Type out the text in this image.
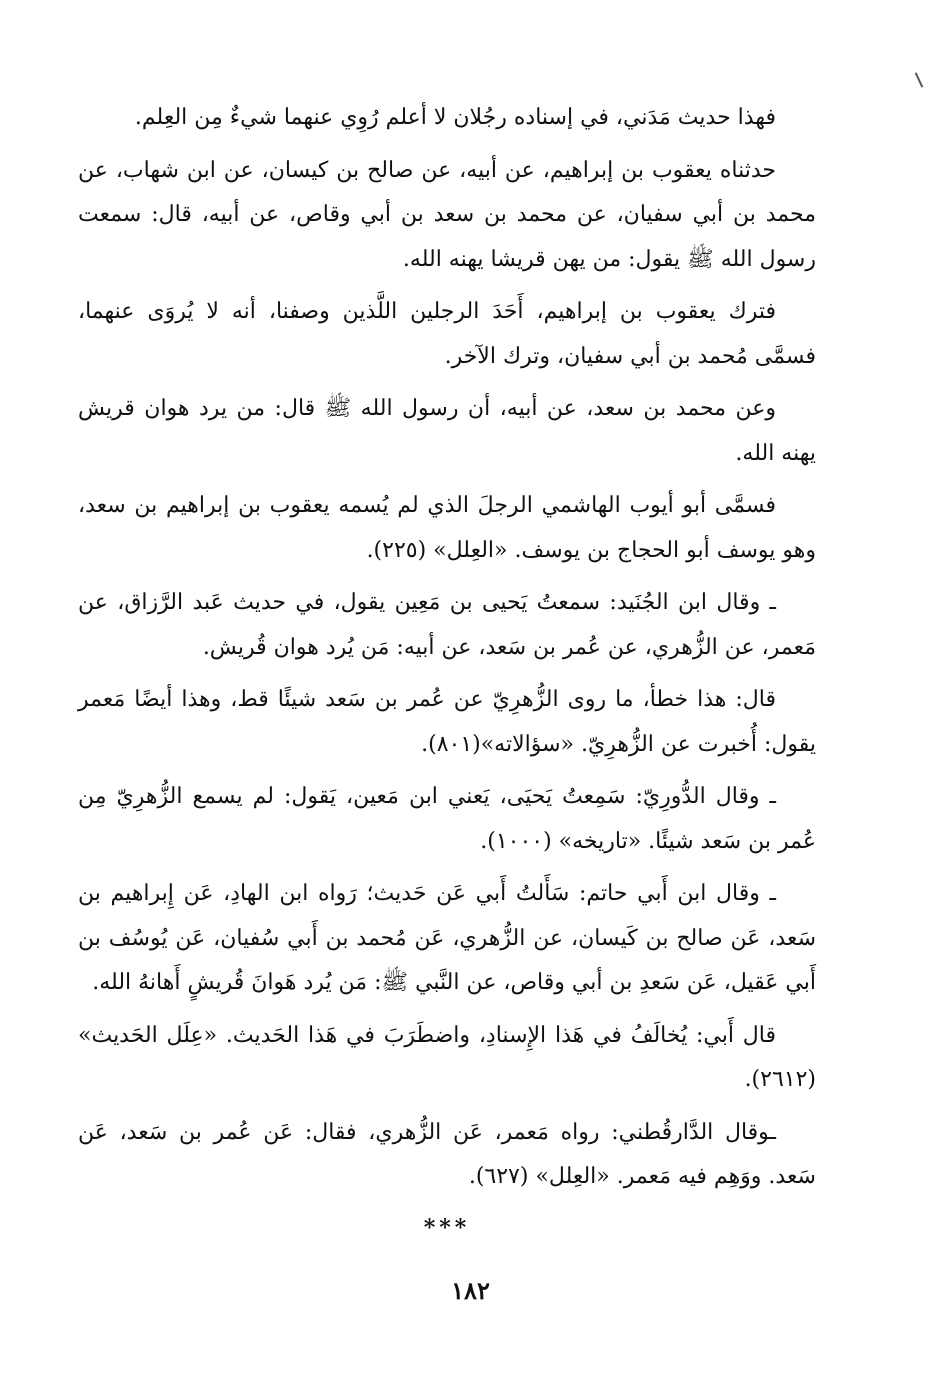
فهذا حديث مَدَني، في إسناده رجُلان لا أعلم رُوِي عنهما شيءٌ مِن العِلم.

حدثناه يعقوب بن إبراهيم، عن أبيه، عن صالح بن كيسان، عن ابن شهاب، عن محمد بن أبي سفيان، عن محمد بن سعد بن أبي وقاص، عن أبيه، قال: سمعت رسول الله ﷺ يقول: من يهن قريشا يهنه الله.

فترك يعقوب بن إبراهيم، أَحَدَ الرجلين اللَّذين وصفنا، أنه لا يُروَى عنهما، فسمَّى مُحمد بن أبي سفيان، وترك الآخر.

وعن محمد بن سعد، عن أبيه، أن رسول الله ﷺ قال: من يرد هوان قريش يهنه الله.

فسمَّى أبو أيوب الهاشمي الرجلَ الذي لم يُسمه يعقوب بن إبراهيم بن سعد، وهو يوسف أبو الحجاج بن يوسف. «العِلل» (٢٢٥).

ـ وقال ابن الجُنَيد: سمعتُ يَحيى بن مَعِين يقول، في حديث عَبد الرَّزاق، عن مَعمر، عن الزُّهري، عن عُمر بن سَعد، عن أبيه: مَن يُرد هوان قُريش.

قال: هذا خطأ، ما روى الزُّهرِيّ عن عُمر بن سَعد شيئًا قط، وهذا أيضًا مَعمر يقول: أُخبرت عن الزُّهرِيّ. «سؤالاته»(٨٠١).

ـ وقال الدُّورِيّ: سَمِعتُ يَحيَى، يَعني ابن مَعين، يَقول: لم يسمع الزُّهرِيّ مِن عُمر بن سَعد شيئًا. «تاريخه» (١٠٠٠).

ـ وقال ابن أَبي حاتم: سَأَلتُ أَبي عَن حَديث؛ رَواه ابن الهادِ، عَن إِبراهيم بن سَعد، عَن صالح بن كَيسان، عن الزُّهري، عَن مُحمد بن أَبي سُفيان، عَن يُوسُف بن أَبي عَقيل، عَن سَعدِ بن أبي وقاص، عن النَّبي ﷺ: مَن يُرد هَوانَ قُريشٍ أَهانهُ الله.

قال أَبي: يُخالَفُ في هَذا الإِسنادِ، واضطَرَبَ في هَذا الحَديث. «عِلَل الحَديث» (٢٦١٢).

ـوقال الدَّارقُطني: رواه مَعمر، عَن الزُّهري، فقال: عَن عُمر بن سَعد، عَن سَعد. ووَهِم فيه مَعمر. «العِلل» (٦٢٧).

***
١٨٢
